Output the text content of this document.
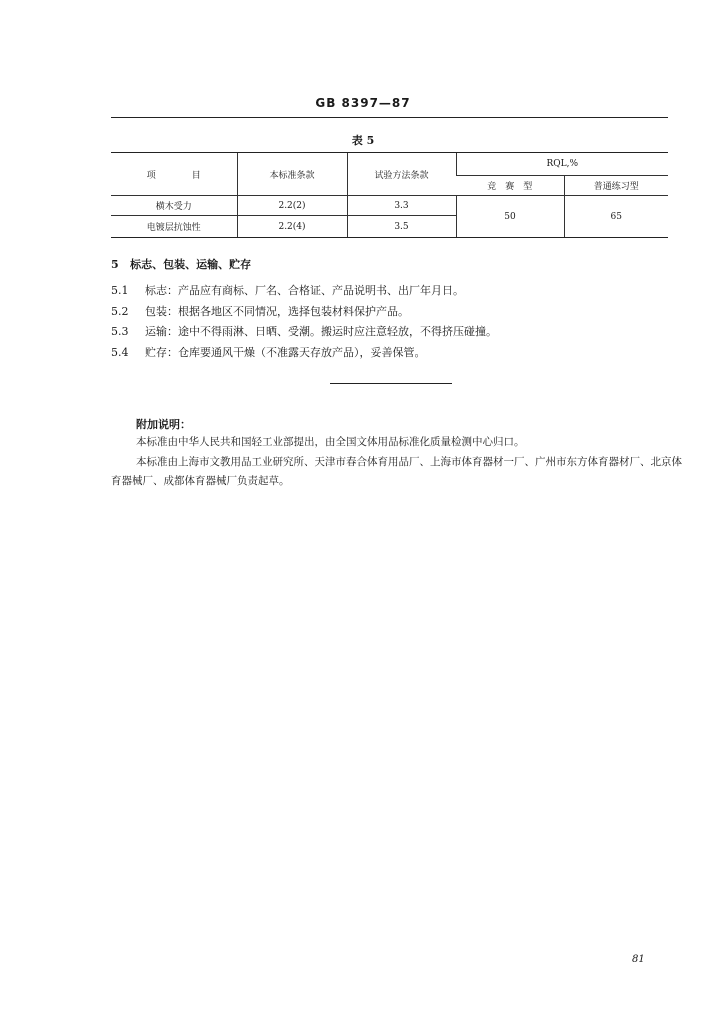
GB 8397—87
表 5
项　　　　目	本标准条款	试验方法条款	RQL,%	
			竞　赛　型	普通练习型
横木受力	2.2(2)	3.3	50	65
电镀层抗蚀性	2.2(4)	3.5		
5 标志、包装、运输、贮存
5.1 标志：产品应有商标、厂名、合格证、产品说明书、出厂年月日。
5.2 包装：根据各地区不同情况，选择包装材料保护产品。
5.3 运输：途中不得雨淋、日晒、受潮。搬运时应注意轻放，不得挤压碰撞。
5.4 贮存：仓库要通风干燥（不准露天存放产品），妥善保管。
附加说明：
本标准由中华人民共和国轻工业部提出，由全国文体用品标准化质量检测中心归口。
本标准由上海市文教用品工业研究所、天津市春合体育用品厂、上海市体育器材一厂、广州市东方体育器材厂、北京体育器械厂、成都体育器械厂负责起草。
81
